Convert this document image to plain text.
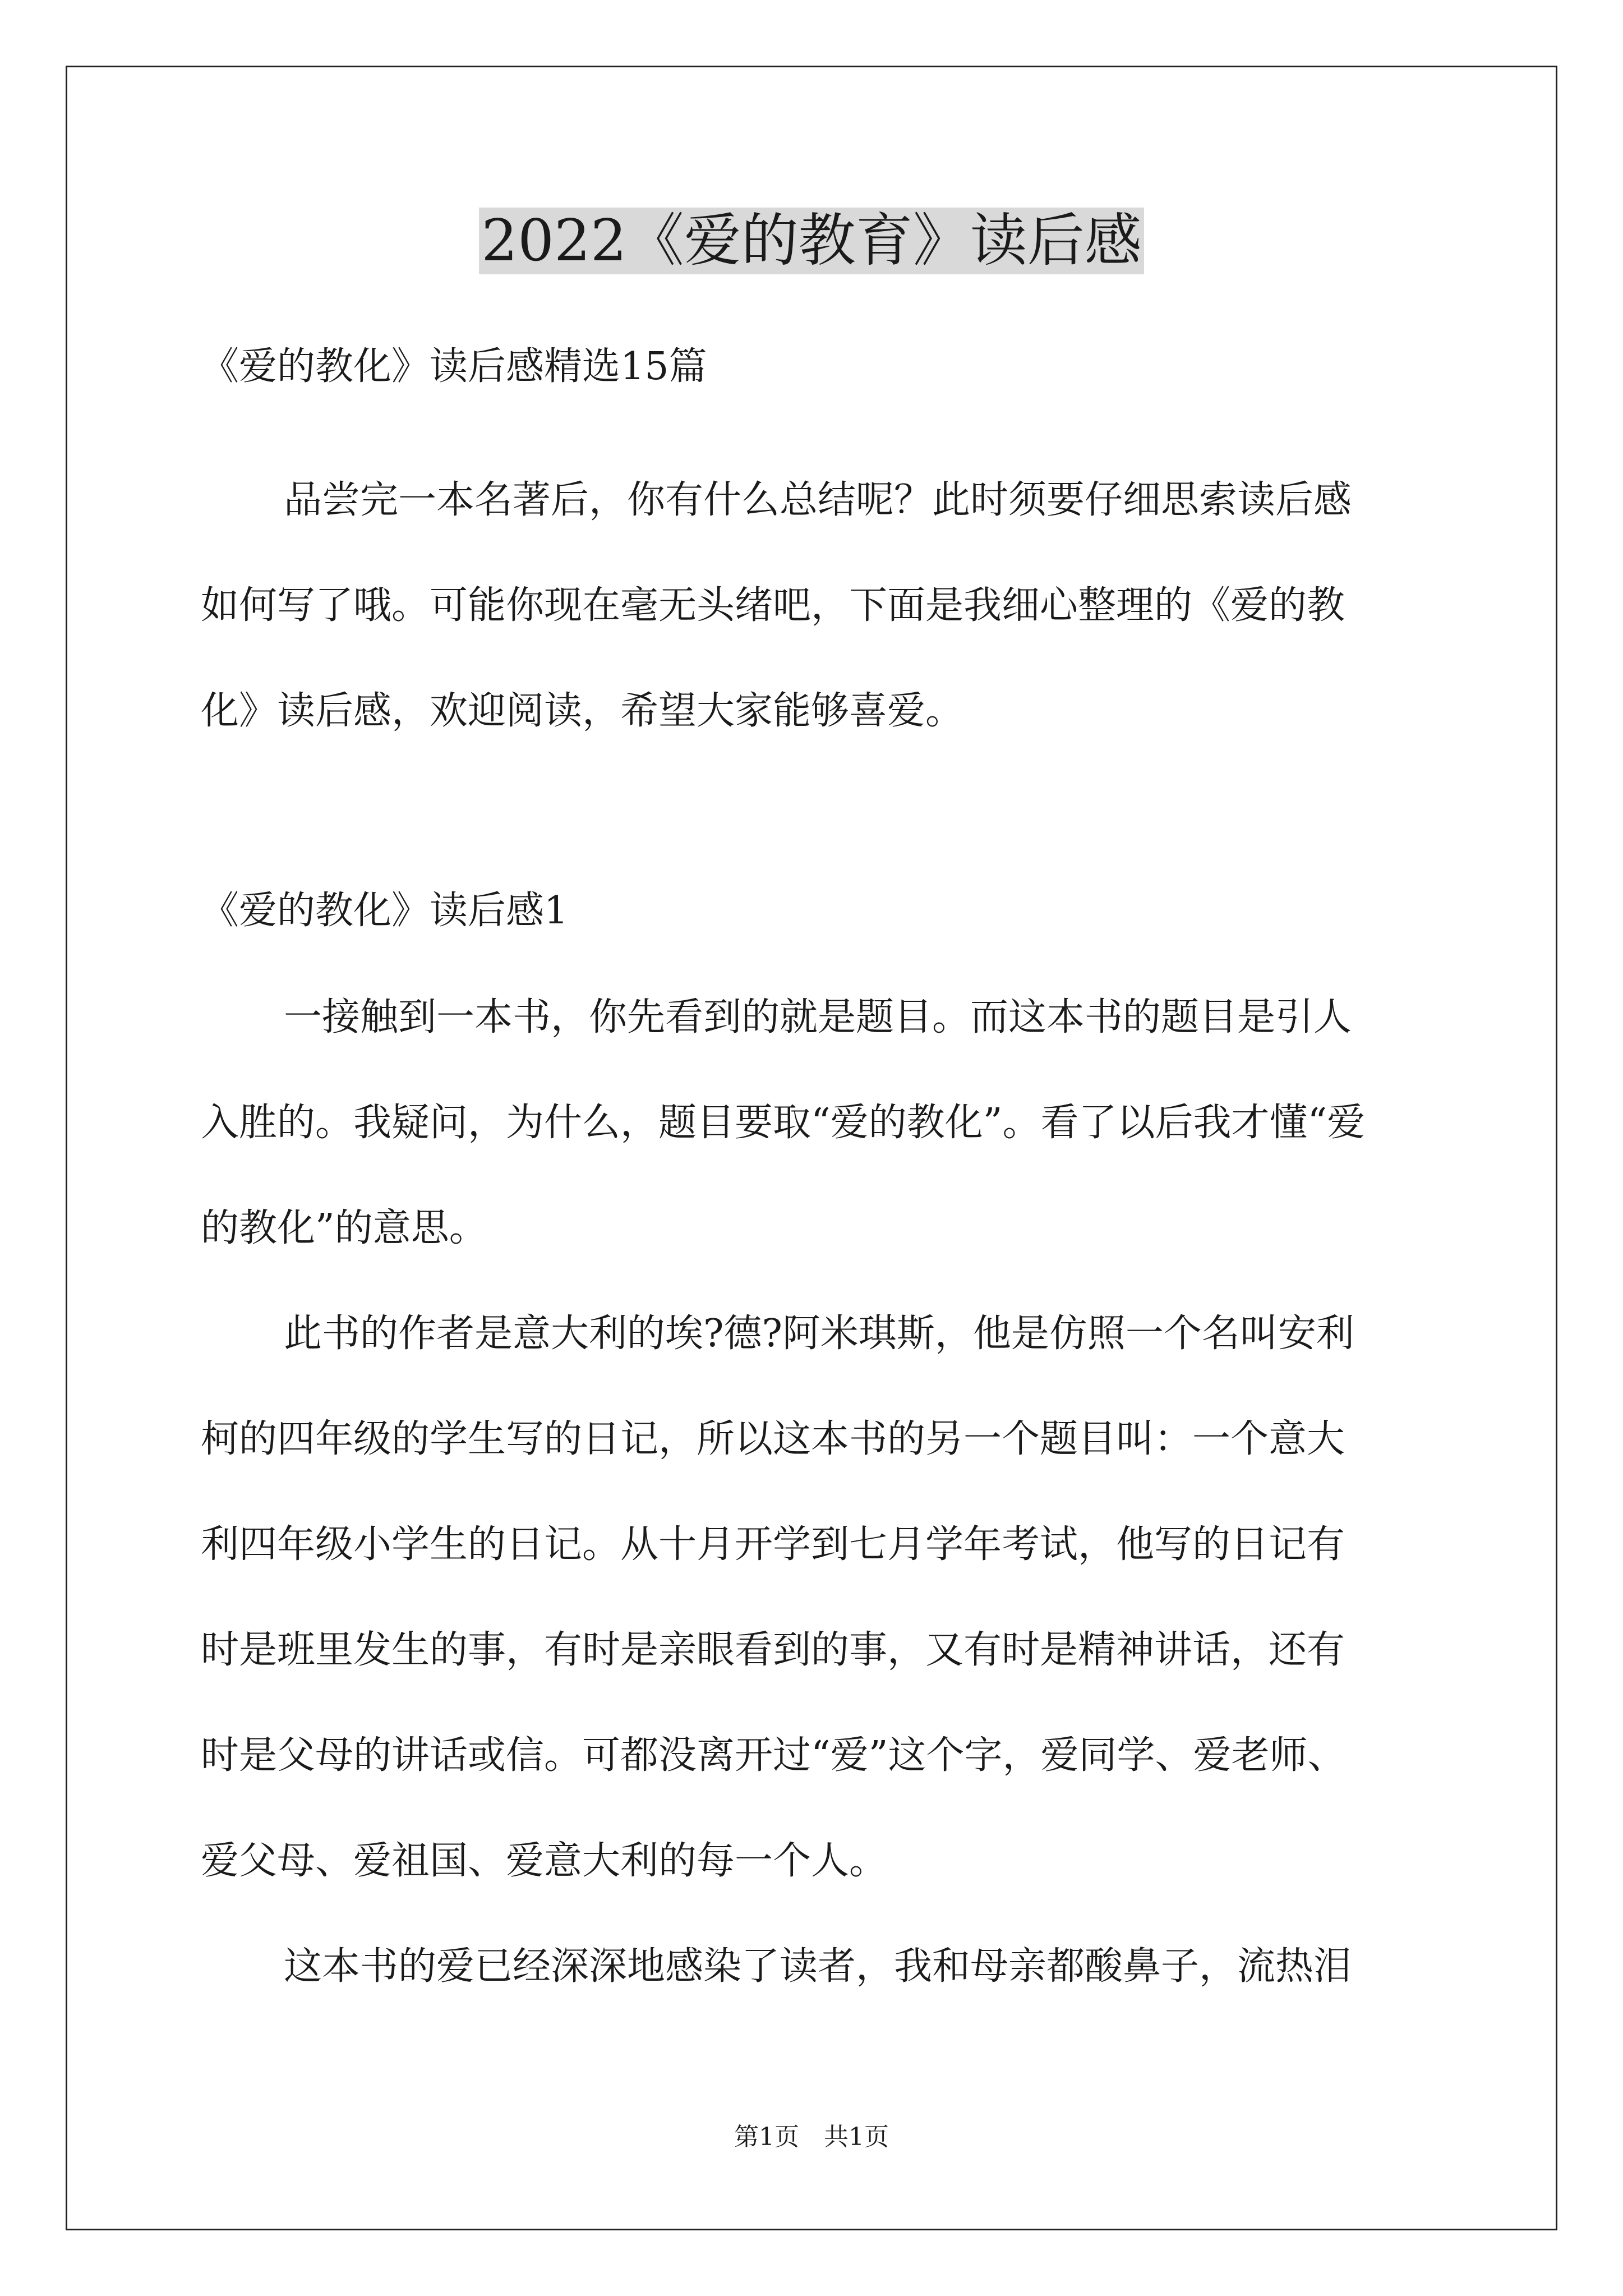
2022《爱的教育》读后感
《爱的教化》读后感精选15篇
品尝完一本名著后，你有什么总结呢？此时须要仔细思索读后感
如何写了哦。可能你现在毫无头绪吧，下面是我细心整理的《爱的教
化》读后感，欢迎阅读，希望大家能够喜爱。
《爱的教化》读后感1
一接触到一本书，你先看到的就是题目。而这本书的题目是引人
入胜的。我疑问，为什么，题目要取“爱的教化”。看了以后我才懂“爱
的教化”的意思。
此书的作者是意大利的埃?德?阿米琪斯，他是仿照一个名叫安利
柯的四年级的学生写的日记，所以这本书的另一个题目叫：一个意大
利四年级小学生的日记。从十月开学到七月学年考试，他写的日记有
时是班里发生的事，有时是亲眼看到的事，又有时是精神讲话，还有
时是父母的讲话或信。可都没离开过“爱”这个字，爱同学、爱老师、
爱父母、爱祖国、爱意大利的每一个人。
这本书的爱已经深深地感染了读者，我和母亲都酸鼻子，流热泪
第1页　共1页
